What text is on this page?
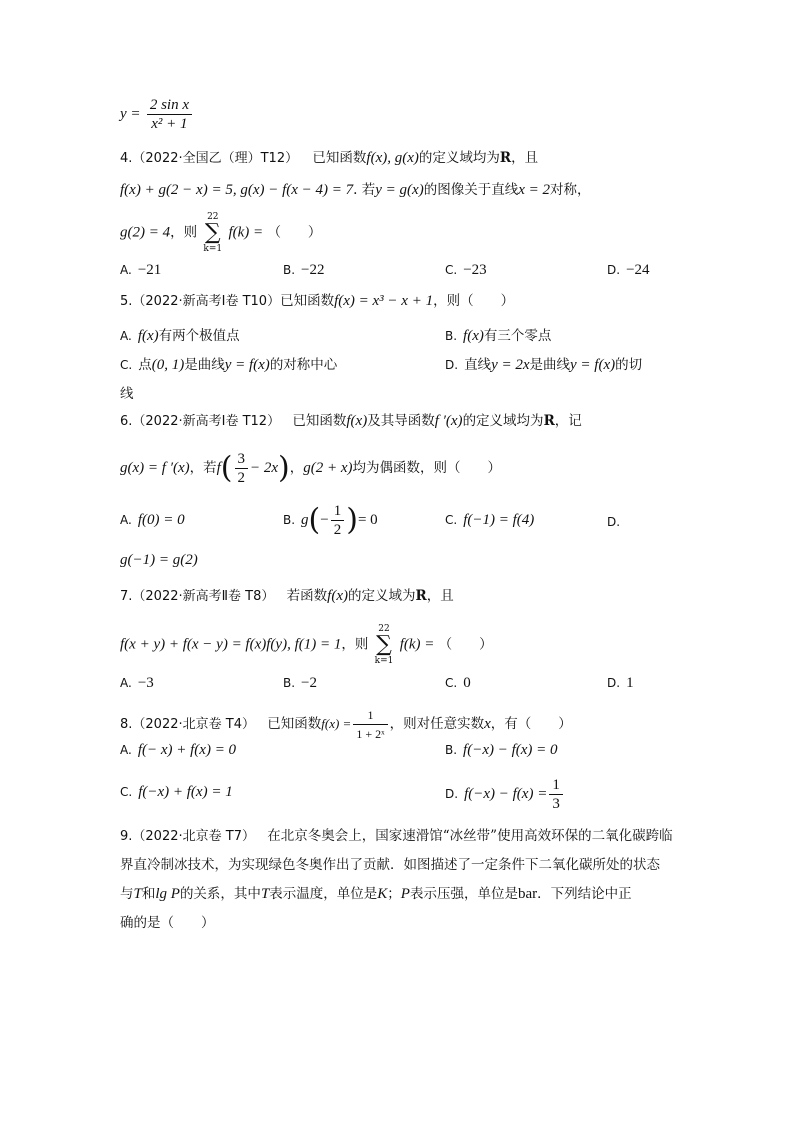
$y = \frac{\text{2 sin x}}{\text{x² + 1}}$
4.（2022·全国乙（理）T12） 已知函数f(x), g(x)的定义域均为R，且
f(x) + g(2 − x) = 5, g(x) − f(x − 4) = 7. 若y = g(x)的图像关于直线x = 2对称，
g(2) = 4，则
22
∑
k=1
f(k) = （　　）
A. −21	B. −22	C. −23	D. −24
5.（2022·新高考Ⅰ卷 T10）已知函数f(x) = x³ − x + 1，则（　　）
A. f(x)有两个极值点	B. f(x)有三个零点
C. 点(0, 1)是曲线y = f(x)的对称中心	D. 直线y = 2x是曲线y = f(x)的切
线
6.（2022·新高考Ⅰ卷 T12） 已知函数f(x)及其导函数f ′(x)的定义域均为R，记
g(x) = f ′(x)，若$f( \frac{3}{2} - 2x)$，g(2 + x)均为偶函数，则（　　）
A. f(0) = 0	B. $g(- \frac{1}{2}$ )= 0	C. f(−1) = f(4)	D.
g(−1) = g(2)
7.（2022·新高考Ⅱ卷 T8） 若函数f(x)的定义域为R，且
f(x + y) + f(x − y) = f(x)f(y), f(1) = 1，则
22
∑
k=1
f(k) = （　　）
A. −3	B. −2	C. 0	D. 1
8.（2022·北京卷 T4） 已知函数$f(x) = \frac{1}{\text{1 + 2ˣ}}$ ，则对任意实数x，有（　　）
A. f(− x) + f(x) = 0	B. f(−x) − f(x) = 0
C. f(−x) + f(x) = 1	D. $f(-x) - f(x) = \frac{1}{3}$
9.（2022·北京卷 T7） 在北京冬奥会上，国家速滑馆“冰丝带”使用高效环保的二氧化碳跨临
界直冷制冰技术，为实现绿色冬奥作出了贡献．如图描述了一定条件下二氧化碳所处的状态
与T和lg P的关系，其中T表示温度，单位是K；P表示压强，单位是bar．下列结论中正
确的是（　　）
